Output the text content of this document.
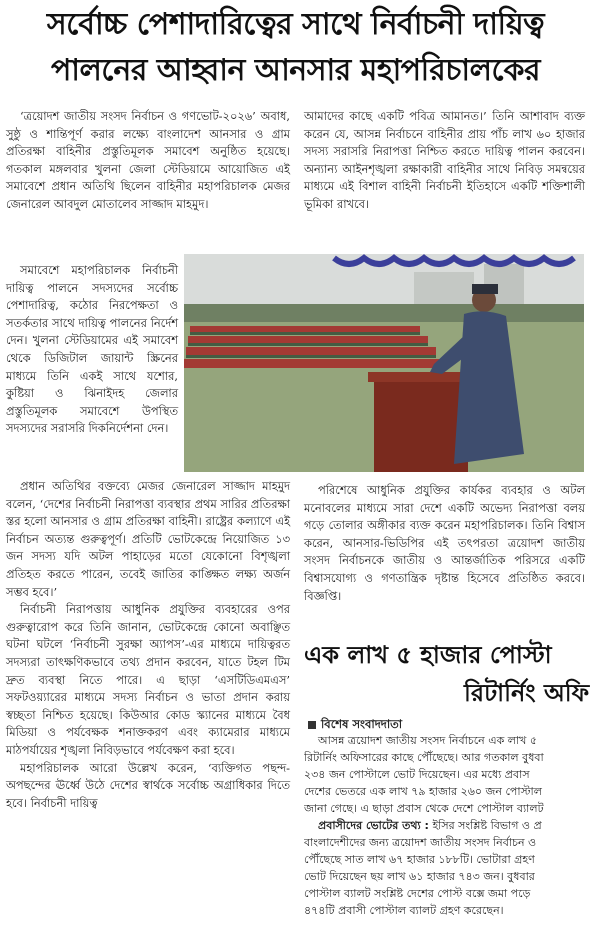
সর্বোচ্চ পেশাদারিত্বের সাথে নির্বাচনী দায়িত্ব
পালনের আহ্বান আনসার মহাপরিচালকের

‘ত্রয়োদশ জাতীয় সংসদ নির্বাচন ও গণভোট-২০২৬’ অবাধ, সুষ্ঠু ও শান্তিপূর্ণ করার লক্ষ্যে বাংলাদেশ আনসার ও গ্রাম প্রতিরক্ষা বাহিনীর প্রস্তুতিমূলক সমাবেশ অনুষ্ঠিত হয়েছে। গতকাল মঙ্গলবার খুলনা জেলা স্টেডিয়ামে আয়োজিত এই সমাবেশে প্রধান অতিথি ছিলেন বাহিনীর মহাপরিচালক মেজর জেনারেল আবদুল মোতালেব সাজ্জাদ মাহমুদ।

আমাদের কাছে একটি পবিত্র আমানত।’ তিনি আশাবাদ ব্যক্ত করেন যে, আসন্ন নির্বাচনে বাহিনীর প্রায় পাঁচ লাখ ৬০ হাজার সদস্য সরাসরি নিরাপত্তা নিশ্চিত করতে দায়িত্ব পালন করবেন। অন্যান্য আইনশৃঙ্খলা রক্ষাকারী বাহিনীর সাথে নিবিড় সমন্বয়ের মাধ্যমে এই বিশাল বাহিনী নির্বাচনী ইতিহাসে একটি শক্তিশালী ভূমিকা রাখবে।

সমাবেশে মহাপরিচালক নির্বাচনী দায়িত্ব পালনে সদস্যদের সর্বোচ্চ পেশাদারিত্ব, কঠোর নিরপেক্ষতা ও সতর্কতার সাথে দায়িত্ব পালনের নির্দেশ দেন। খুলনা স্টেডিয়ামের এই সমাবেশ থেকে ডিজিটাল জায়ান্ট স্ক্রিনের মাধ্যমে তিনি একই সাথে যশোর, কুষ্টিয়া ও ঝিনাইদহ জেলার প্রস্তুতিমূলক সমাবেশে উপস্থিত সদস্যদের সরাসরি দিকনির্দেশনা দেন।

প্রধান অতিথির বক্তব্যে মেজর জেনারেল সাজ্জাদ মাহমুদ বলেন, ‘দেশের নির্বাচনী নিরাপত্তা ব্যবস্থার প্রথম সারির প্রতিরক্ষা স্তর হলো আনসার ও গ্রাম প্রতিরক্ষা বাহিনী। রাষ্ট্রের কল্যাণে এই নির্বাচন অত্যন্ত গুরুত্বপূর্ণ। প্রতিটি ভোটকেন্দ্রে নিয়োজিত ১৩ জন সদস্য যদি অটল পাহাড়ের মতো যেকোনো বিশৃঙ্খলা প্রতিহত করতে পারেন, তবেই জাতির কাঙ্ক্ষিত লক্ষ্য অর্জন সম্ভব হবে।’

নির্বাচনী নিরাপত্তায় আধুনিক প্রযুক্তির ব্যবহারের ওপর গুরুত্বারোপ করে তিনি জানান, ভোটকেন্দ্রে কোনো অবাঞ্ছিত ঘটনা ঘটলে ‘নির্বাচনী সুরক্ষা অ্যাপস’-এর মাধ্যমে দায়িত্বরত সদস্যরা তাৎক্ষণিকভাবে তথ্য প্রদান করবেন, যাতে টহল টিম দ্রুত ব্যবস্থা নিতে পারে। এ ছাড়া ‘এসটিডিএমএস’ সফটওয়্যারের মাধ্যমে সদস্য নির্বাচন ও ভাতা প্রদান করায় স্বচ্ছতা নিশ্চিত হয়েছে। কিউআর কোড স্ক্যানের মাধ্যমে বৈধ মিডিয়া ও পর্যবেক্ষক শনাক্তকরণ এবং ক্যামেরার মাধ্যমে মাঠপর্যায়ের শৃঙ্খলা নিবিড়ভাবে পর্যবেক্ষণ করা হবে।

মহাপরিচালক আরো উল্লেখ করেন, ‘ব্যক্তিগত পছন্দ-অপছন্দের ঊর্ধ্বে উঠে দেশের স্বার্থকে সর্বোচ্চ অগ্রাধিকার দিতে হবে। নির্বাচনী দায়িত্ব

পরিশেষে আধুনিক প্রযুক্তির কার্যকর ব্যবহার ও অটল মনোবলের মাধ্যমে সারা দেশে একটি অভেদ্য নিরাপত্তা বলয় গড়ে তোলার অঙ্গীকার ব্যক্ত করেন মহাপরিচালক। তিনি বিশ্বাস করেন, আনসার-ভিডিপির এই তৎপরতা ত্রয়োদশ জাতীয় সংসদ নির্বাচনকে জাতীয় ও আন্তর্জাতিক পরিসরে একটি বিশ্বাসযোগ্য ও গণতান্ত্রিক দৃষ্টান্ত হিসেবে প্রতিষ্ঠিত করবে। বিজ্ঞপ্তি।

এক লাখ ৫ হাজার পোস্টা
রিটার্নিং অফি
বিশেষ সংবাদদাতা
আসন্ন ত্রয়োদশ জাতীয় সংসদ নির্বাচনে এক লাখ ৫
রিটার্নিং অফিসারের কাছে পৌঁছেছে। আর গতকাল বুধবা
২৩৪ জন পোস্টালে ভোট দিয়েছেন। এর মধ্যে প্রবাস
দেশের ভেতরে এক লাখ ৭৯ হাজার ২৬০ জন পোস্টাল
জানা গেছে। এ ছাড়া প্রবাস থেকে দেশে পোস্টাল ব্যালট
প্রবাসীদের ভোটের তথ্য : ইসির সংশ্লিষ্ট বিভাগ ও প্র
বাংলাদেশীদের জন্য ত্রয়োদশ জাতীয় সংসদ নির্বাচন ও
পৌঁছেছে সাত লাখ ৬৭ হাজার ১৮৮টি। ভোটারা গ্রহণ
ভোট দিয়েছেন ছয় লাখ ৬১ হাজার ৭৪৩ জন। বুধবার
পোস্টাল ব্যালট সংশ্লিষ্ট দেশের পোস্ট বক্সে জমা পড়ে
৪৭৪টি প্রবাসী পোস্টাল ব্যালট গ্রহণ করেছেন।
